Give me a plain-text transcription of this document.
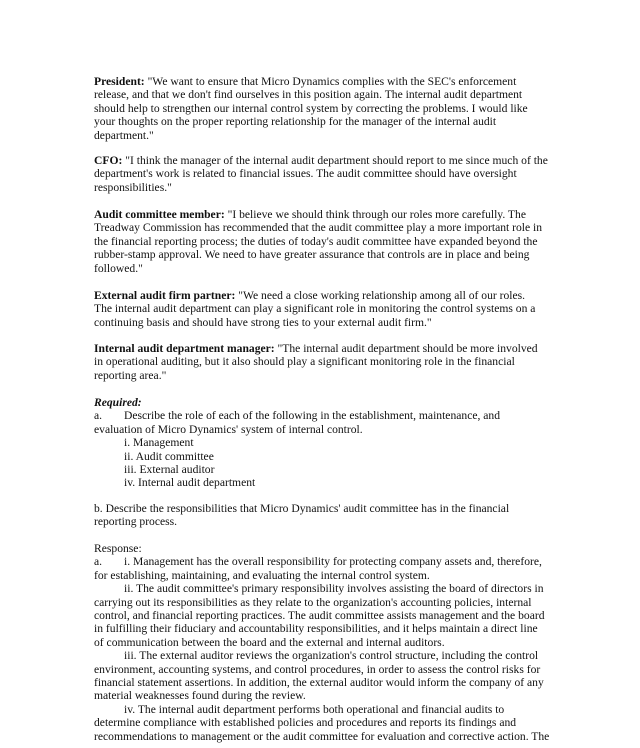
President: "We want to ensure that Micro Dynamics complies with the SEC's enforcement
release, and that we don't find ourselves in this position again. The internal audit department
should help to strengthen our internal control system by correcting the problems. I would like
your thoughts on the proper reporting relationship for the manager of the internal audit
department."
CFO: "I think the manager of the internal audit department should report to me since much of the
department's work is related to financial issues. The audit committee should have oversight
responsibilities."
Audit committee member: "I believe we should think through our roles more carefully. The
Treadway Commission has recommended that the audit committee play a more important role in
the financial reporting process; the duties of today's audit committee have expanded beyond the
rubber-stamp approval. We need to have greater assurance that controls are in place and being
followed."
External audit firm partner: "We need a close working relationship among all of our roles.
The internal audit department can play a significant role in monitoring the control systems on a
continuing basis and should have strong ties to your external audit firm."
Internal audit department manager: "The internal audit department should be more involved
in operational auditing, but it also should play a significant monitoring role in the financial
reporting area."
Required:
a. Describe the role of each of the following in the establishment, maintenance, and
evaluation of Micro Dynamics' system of internal control.
i. Management
ii. Audit committee
iii. External auditor
iv. Internal audit department
b. Describe the responsibilities that Micro Dynamics' audit committee has in the financial
reporting process.
Response:
a. i. Management has the overall responsibility for protecting company assets and, therefore,
for establishing, maintaining, and evaluating the internal control system.
ii. The audit committee's primary responsibility involves assisting the board of directors in
carrying out its responsibilities as they relate to the organization's accounting policies, internal
control, and financial reporting practices. The audit committee assists management and the board
in fulfilling their fiduciary and accountability responsibilities, and it helps maintain a direct line
of communication between the board and the external and internal auditors.
iii. The external auditor reviews the organization's control structure, including the control
environment, accounting systems, and control procedures, in order to assess the control risks for
financial statement assertions. In addition, the external auditor would inform the company of any
material weaknesses found during the review.
iv. The internal audit department performs both operational and financial audits to
determine compliance with established policies and procedures and reports its findings and
recommendations to management or the audit committee for evaluation and corrective action. The
